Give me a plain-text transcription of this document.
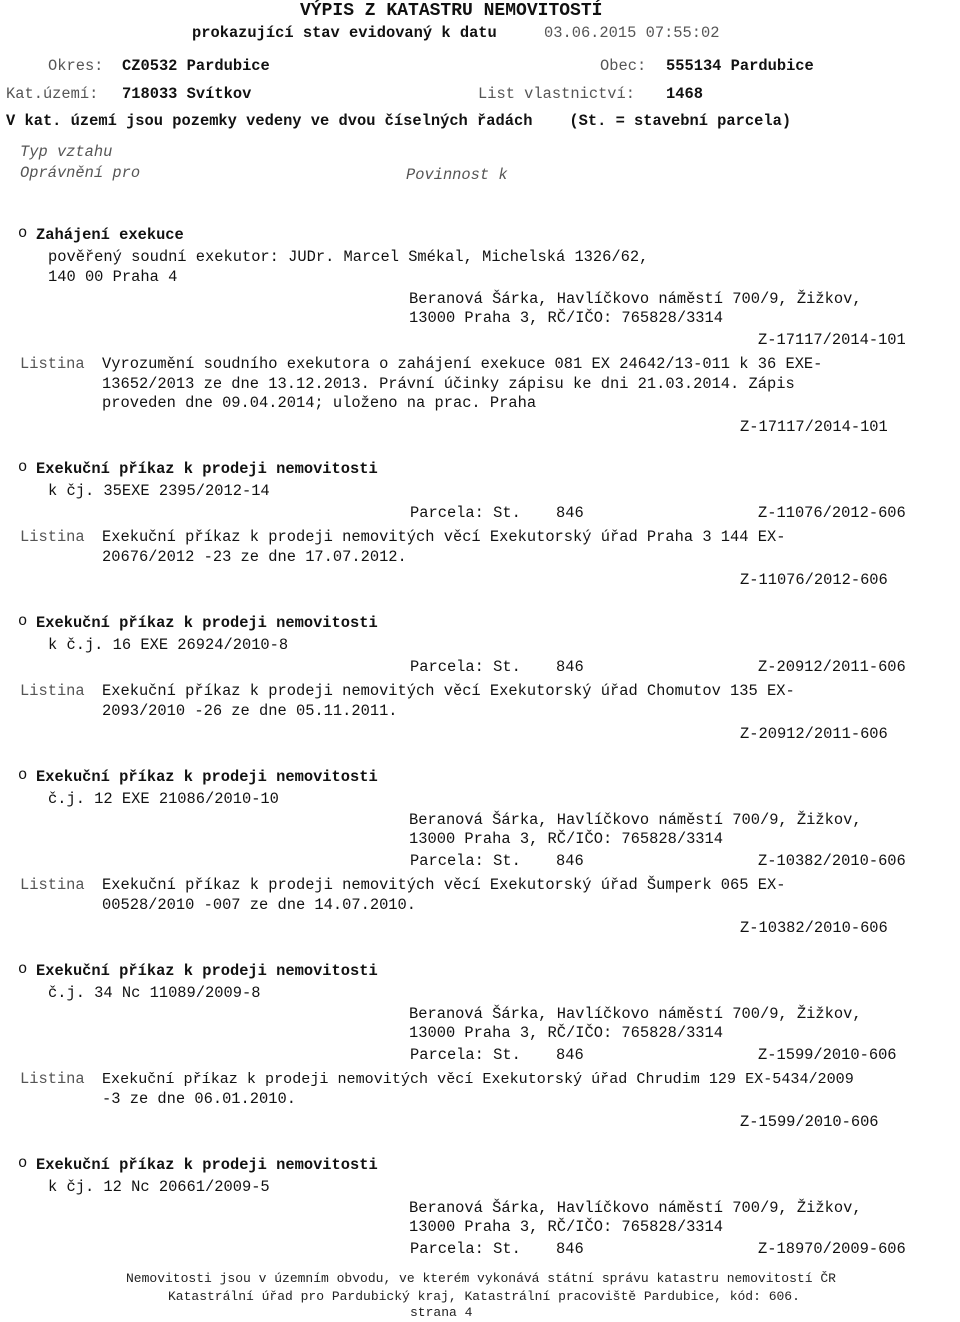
VÝPIS Z KATASTRU NEMOVITOSTÍ
prokazující stav evidovaný k datu	03.06.2015 07:55:02
Okres: CZ0532 Pardubice	Obec: 555134 Pardubice
Kat.území: 718033 Svítkov	List vlastnictví: 1468
V kat. území jsou pozemky vedeny ve dvou číselných řadách    (St. = stavební parcela)
Typ vztahu
Oprávnění pro	Povinnost k
o Zahájení exekuce
pověřený soudní exekutor: JUDr. Marcel Smékal, Michelská 1326/62,
140 00 Praha 4
Beranová Šárka, Havlíčkovo náměstí 700/9, Žižkov,
13000 Praha 3, RČ/IČO: 765828/3314
Z-17117/2014-101
Listina Vyrozumění soudního exekutora o zahájení exekuce 081 EX 24642/13-011 k 36 EXE-
13652/2013 ze dne 13.12.2013. Právní účinky zápisu ke dni 21.03.2014. Zápis
proveden dne 09.04.2014; uloženo na prac. Praha
Z-17117/2014-101
o Exekuční příkaz k prodeji nemovitosti
k čj. 35EXE 2395/2012-14
Parcela: St. 846	Z-11076/2012-606
Listina Exekuční příkaz k prodeji nemovitých věcí Exekutorský úřad Praha 3 144 EX-
20676/2012 -23 ze dne 17.07.2012.
Z-11076/2012-606
o Exekuční příkaz k prodeji nemovitosti
k č.j. 16 EXE 26924/2010-8
Parcela: St. 846	Z-20912/2011-606
Listina Exekuční příkaz k prodeji nemovitých věcí Exekutorský úřad Chomutov 135 EX-
2093/2010 -26 ze dne 05.11.2011.
Z-20912/2011-606
o Exekuční příkaz k prodeji nemovitosti
č.j. 12 EXE 21086/2010-10
Beranová Šárka, Havlíčkovo náměstí 700/9, Žižkov,
13000 Praha 3, RČ/IČO: 765828/3314
Parcela: St. 846	Z-10382/2010-606
Listina Exekuční příkaz k prodeji nemovitých věcí Exekutorský úřad Šumperk 065 EX-
00528/2010 -007 ze dne 14.07.2010.
Z-10382/2010-606
o Exekuční příkaz k prodeji nemovitosti
č.j. 34 Nc 11089/2009-8
Beranová Šárka, Havlíčkovo náměstí 700/9, Žižkov,
13000 Praha 3, RČ/IČO: 765828/3314
Parcela: St. 846	Z-1599/2010-606
Listina Exekuční příkaz k prodeji nemovitých věcí Exekutorský úřad Chrudim 129 EX-5434/2009
-3 ze dne 06.01.2010.
Z-1599/2010-606
o Exekuční příkaz k prodeji nemovitosti
k čj. 12 Nc 20661/2009-5
Beranová Šárka, Havlíčkovo náměstí 700/9, Žižkov,
13000 Praha 3, RČ/IČO: 765828/3314
Parcela: St. 846	Z-18970/2009-606
Nemovitosti jsou v územním obvodu, ve kterém vykonává státní správu katastru nemovitostí ČR
Katastrální úřad pro Pardubický kraj, Katastrální pracoviště Pardubice, kód: 606.
strana 4
